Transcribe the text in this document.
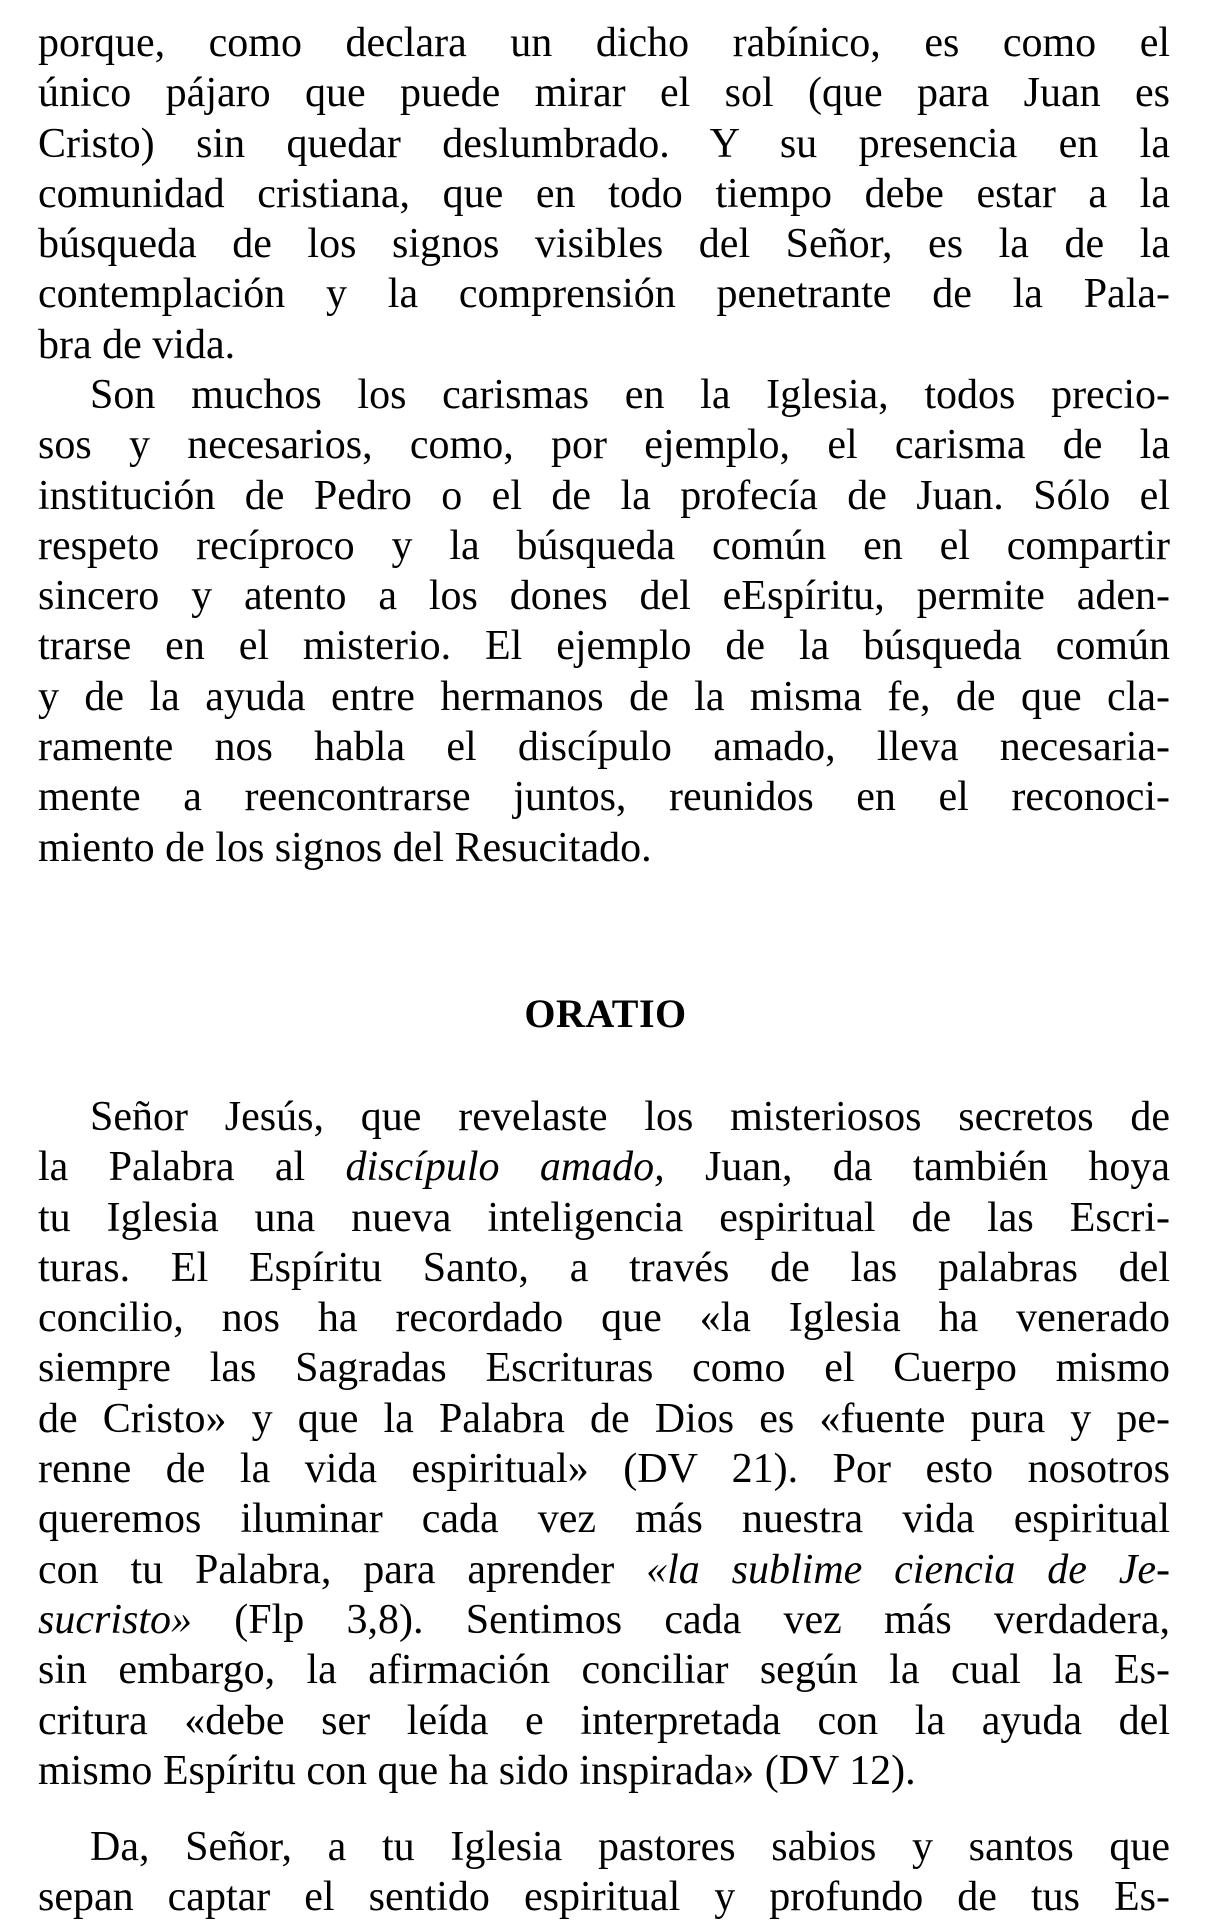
porque, como declara un dicho rabínico, es como el
único pájaro que puede mirar el sol (que para Juan es
Cristo) sin quedar deslumbrado. Y su presencia en la
comunidad cristiana, que en todo tiempo debe estar a la
búsqueda de los signos visibles del Señor, es la de la
contemplación y la comprensión penetrante de la Pala-
bra de vida.
Son muchos los carismas en la Iglesia, todos precio-
sos y necesarios, como, por ejemplo, el carisma de la
institución de Pedro o el de la profecía de Juan. Sólo el
respeto recíproco y la búsqueda común en el compartir
sincero y atento a los dones del eEspíritu, permite aden-
trarse en el misterio. El ejemplo de la búsqueda común
y de la ayuda entre hermanos de la misma fe, de que cla-
ramente nos habla el discípulo amado, lleva necesaria-
mente a reencontrarse juntos, reunidos en el reconoci-
miento de los signos del Resucitado.
ORATIO
Señor Jesús, que revelaste los misteriosos secretos de
la Palabra al discípulo amado, Juan, da también hoya
tu Iglesia una nueva inteligencia espiritual de las Escri-
turas. El Espíritu Santo, a través de las palabras del
concilio, nos ha recordado que «la Iglesia ha venerado
siempre las Sagradas Escrituras como el Cuerpo mismo
de Cristo» y que la Palabra de Dios es «fuente pura y pe-
renne de la vida espiritual» (DV 21). Por esto nosotros
queremos iluminar cada vez más nuestra vida espiritual
con tu Palabra, para aprender «la sublime ciencia de Je-
sucristo» (Flp 3,8). Sentimos cada vez más verdadera,
sin embargo, la afirmación conciliar según la cual la Es-
critura «debe ser leída e interpretada con la ayuda del
mismo Espíritu con que ha sido inspirada» (DV 12).
Da, Señor, a tu Iglesia pastores sabios y santos que
sepan captar el sentido espiritual y profundo de tus Es-
